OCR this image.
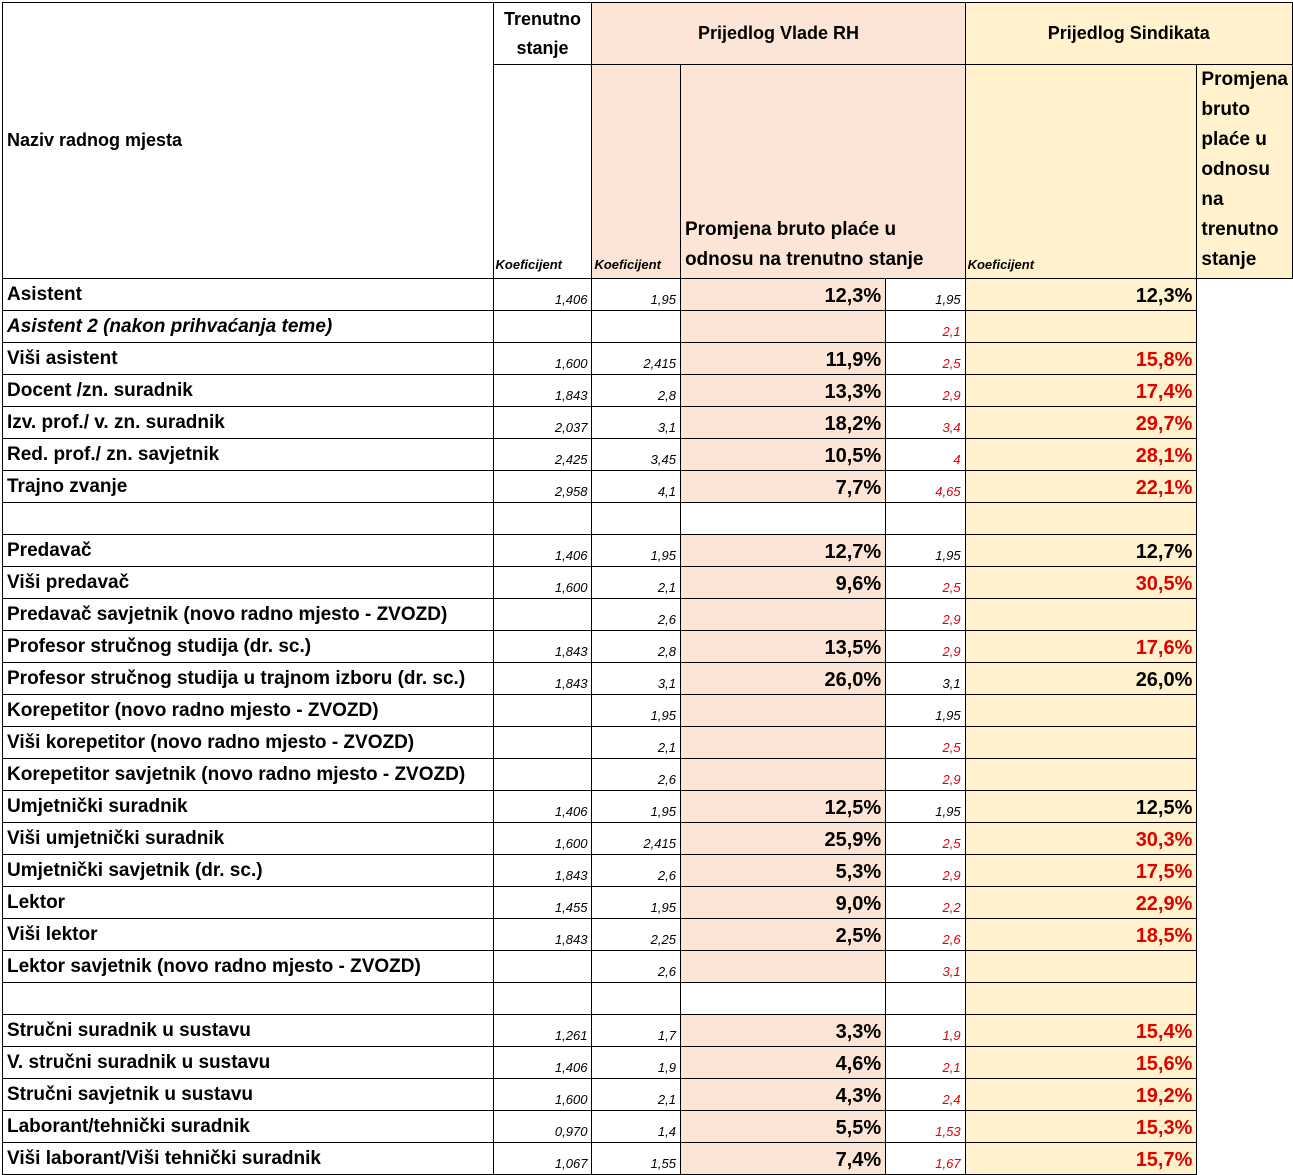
Naziv radnog mjesta	Trenutno stanje	Prijedlog Vlade RH			Prijedlog Sindikata	
	Koeficijent	Koeficijent	Promjena bruto plaće u odnosu na trenutno stanje		Koeficijent	Promjena bruto plaće u odnosu na trenutno stanje
Asistent	1,406	1,95	12,3%	1,95	12,3%	
Asistent 2 (nakon prihvaćanja teme)				2,1		
Viši asistent	1,600	2,415	11,9%	2,5	15,8%	
Docent /zn. suradnik	1,843	2,8	13,3%	2,9	17,4%	
Izv. prof./ v. zn. suradnik	2,037	3,1	18,2%	3,4	29,7%	
Red. prof./ zn. savjetnik	2,425	3,45	10,5%	4	28,1%	
Trajno zvanje	2,958	4,1	7,7%	4,65	22,1%	

Predavač	1,406	1,95	12,7%	1,95	12,7%	
Viši predavač	1,600	2,1	9,6%	2,5	30,5%	
Predavač savjetnik (novo radno mjesto - ZVOZD)		2,6		2,9		
Profesor stručnog studija (dr. sc.)	1,843	2,8	13,5%	2,9	17,6%	
Profesor stručnog studija u trajnom izboru (dr. sc.)	1,843	3,1	26,0%	3,1	26,0%	
Korepetitor (novo radno mjesto - ZVOZD)		1,95		1,95		
Viši korepetitor (novo radno mjesto - ZVOZD)		2,1		2,5		
Korepetitor savjetnik (novo radno mjesto - ZVOZD)		2,6		2,9		
Umjetnički suradnik	1,406	1,95	12,5%	1,95	12,5%	
Viši umjetnički suradnik	1,600	2,415	25,9%	2,5	30,3%	
Umjetnički savjetnik (dr. sc.)	1,843	2,6	5,3%	2,9	17,5%	
Lektor	1,455	1,95	9,0%	2,2	22,9%	
Viši lektor	1,843	2,25	2,5%	2,6	18,5%	
Lektor savjetnik (novo radno mjesto - ZVOZD)		2,6		3,1		

Stručni suradnik u sustavu	1,261	1,7	3,3%	1,9	15,4%	
V. stručni suradnik u sustavu	1,406	1,9	4,6%	2,1	15,6%	
Stručni savjetnik u sustavu	1,600	2,1	4,3%	2,4	19,2%	
Laborant/tehnički suradnik	0,970	1,4	5,5%	1,53	15,3%	
Viši laborant/Viši tehnički suradnik	1,067	1,55	7,4%	1,67	15,7%	
